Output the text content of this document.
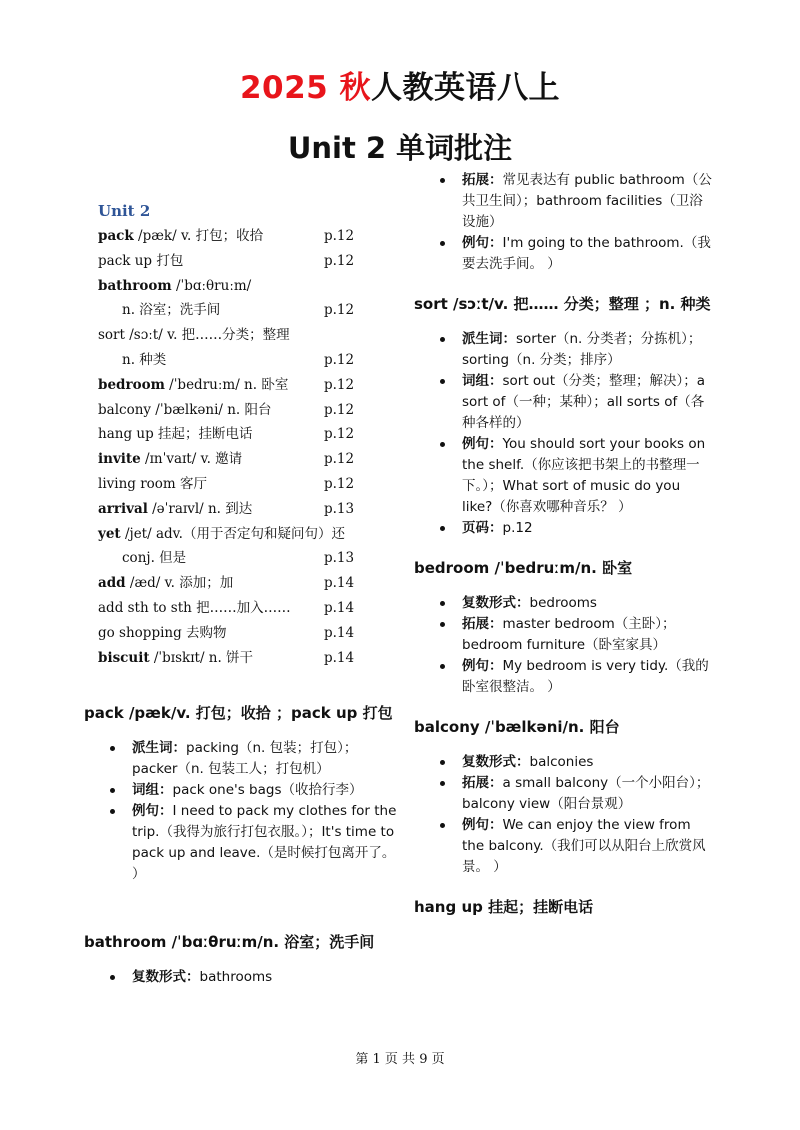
2025 秋人教英语八上
Unit 2 单词批注
Unit 2
pack /pæk/ v. 打包；收拾	p.12
pack up 打包	p.12
bathroom /ˈbɑːθruːm/
n. 浴室；洗手间	p.12
sort /sɔːt/ v. 把……分类；整理
n. 种类	p.12
bedroom /ˈbedruːm/ n. 卧室	p.12
balcony /ˈbælkəni/ n. 阳台	p.12
hang up 挂起；挂断电话	p.12
invite /ɪnˈvaɪt/ v. 邀请	p.12
living room 客厅	p.12
arrival /əˈraɪvl/ n. 到达	p.13
yet /jet/ adv.（用于否定句和疑问句）还
conj. 但是	p.13
add /æd/ v. 添加；加	p.14
add sth to sth 把……加入…… p.14
go shopping 去购物	p.14
biscuit /ˈbɪskɪt/ n. 饼干	p.14
pack /pæk/v. 打包；收拾 ；pack up 打包
派生词：packing（n. 包装；打包）；packer（n. 包装工人；打包机）
词组：pack one's bags（收拾行李）
例句：I need to pack my clothes for the trip.（我得为旅行打包衣服。）；It's time to pack up and leave.（是时候打包离开了。 ）
bathroom /ˈbɑːθruːm/n. 浴室；洗手间
复数形式：bathrooms
拓展：常见表达有 public bathroom（公共卫生间）；bathroom facilities（卫浴设施）
例句：I'm going to the bathroom.（我要去洗手间。 ）
sort /sɔːt/v. 把…… 分类；整理 ；n. 种类
派生词：sorter（n. 分类者；分拣机）；sorting（n. 分类；排序）
词组：sort out（分类；整理；解决）；a sort of（一种；某种）；all sorts of（各种各样的）
例句：You should sort your books on the shelf.（你应该把书架上的书整理一下。）；What sort of music do you like?（你喜欢哪种音乐？ ）
页码：p.12
bedroom /ˈbedruːm/n. 卧室
复数形式：bedrooms
拓展：master bedroom（主卧）；bedroom furniture（卧室家具）
例句：My bedroom is very tidy.（我的卧室很整洁。 ）
balcony /ˈbælkəni/n. 阳台
复数形式：balconies
拓展：a small balcony（一个小阳台）；balcony view（阳台景观）
例句：We can enjoy the view from the balcony.（我们可以从阳台上欣赏风景。 ）
hang up 挂起；挂断电话
第 1 页 共 9 页
